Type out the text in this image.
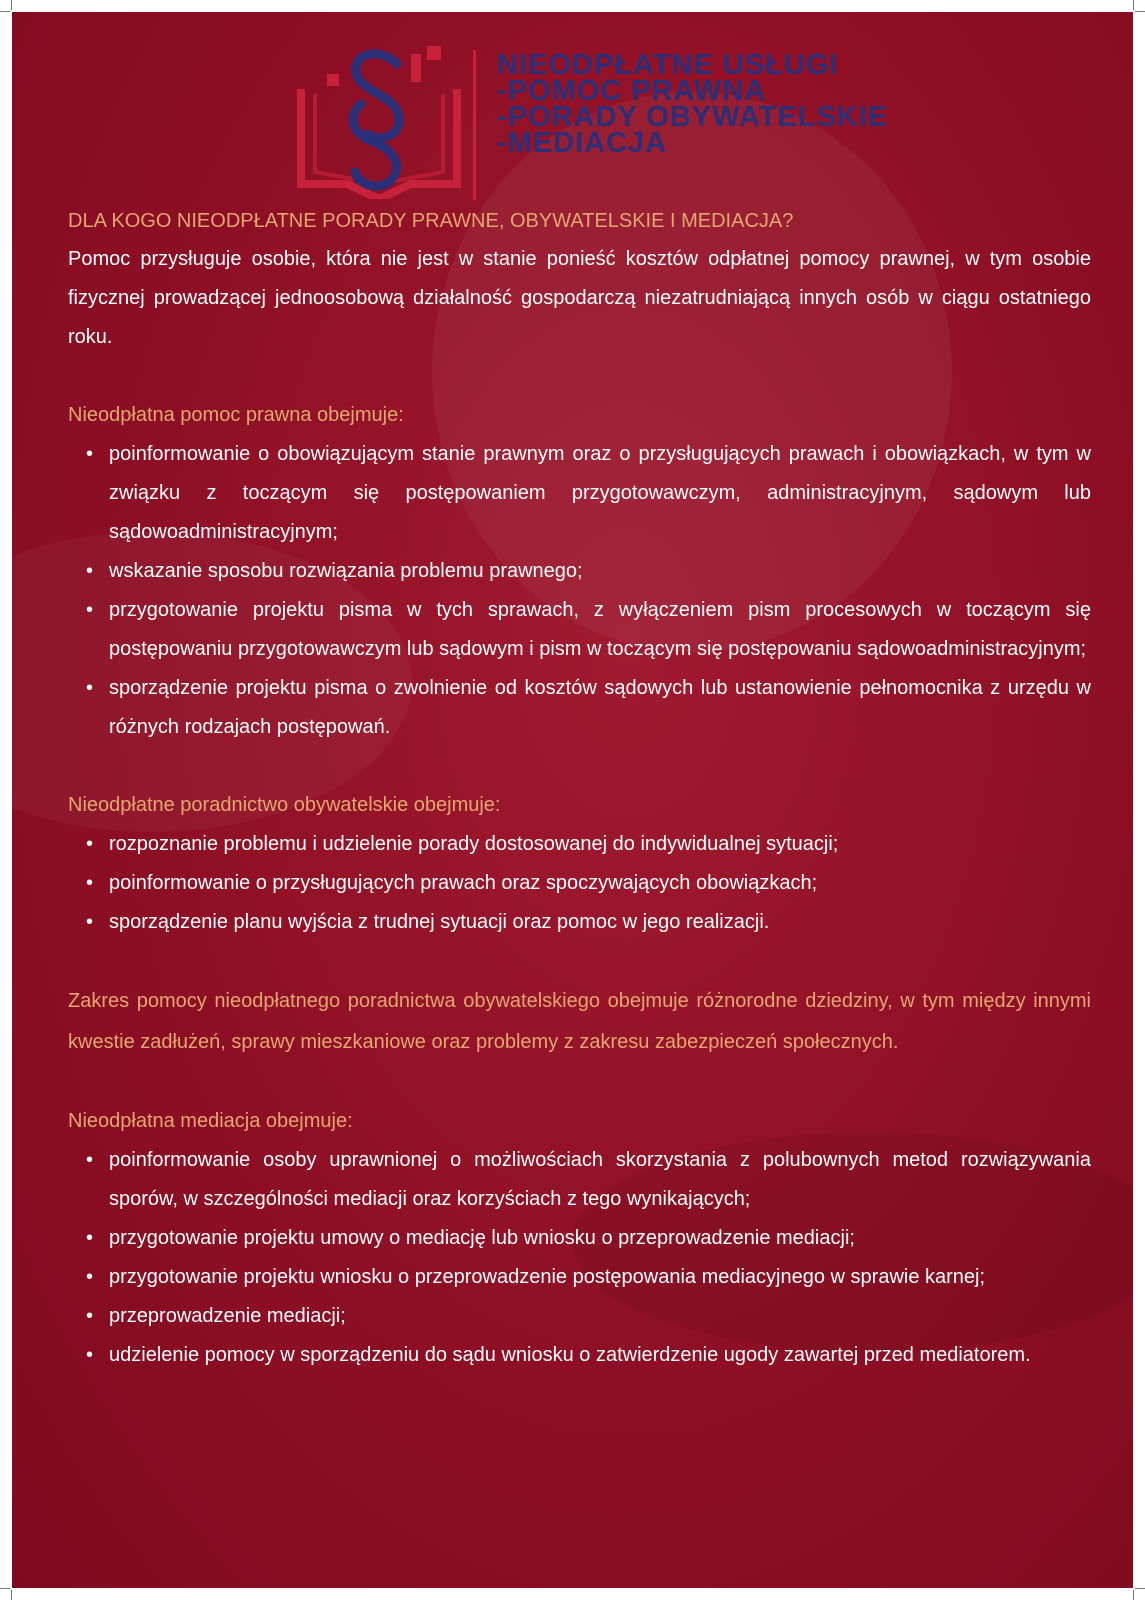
NIEODPŁATNE USŁUGI
-POMOC PRAWNA
-PORADY OBYWATELSKIE
-MEDIACJA
DLA KOGO NIEODPŁATNE PORADY PRAWNE, OBYWATELSKIE I MEDIACJA?
Pomoc przysługuje osobie, która nie jest w stanie ponieść kosztów odpłatnej pomocy prawnej, w tym osobie fizycznej prowadzącej jednoosobową działalność gospodarczą niezatrudniającą innych osób w ciągu ostatniego roku.
Nieodpłatna pomoc prawna obejmuje:
• poinformowanie o obowiązującym stanie prawnym oraz o przysługujących prawach i obowiązkach, w tym w związku z toczącym się postępowaniem przygotowawczym, administracyjnym, sądowym lub sądowoadministracyjnym;
• wskazanie sposobu rozwiązania problemu prawnego;
• przygotowanie projektu pisma w tych sprawach, z wyłączeniem pism procesowych w toczącym się postępowaniu przygotowawczym lub sądowym i pism w toczącym się postępowaniu sądowoadministracyjnym;
• sporządzenie projektu pisma o zwolnienie od kosztów sądowych lub ustanowienie pełnomocnika z urzędu w różnych rodzajach postępowań.
Nieodpłatne poradnictwo obywatelskie obejmuje:
• rozpoznanie problemu i udzielenie porady dostosowanej do indywidualnej sytuacji;
• poinformowanie o przysługujących prawach oraz spoczywających obowiązkach;
• sporządzenie planu wyjścia z trudnej sytuacji oraz pomoc w jego realizacji.
Zakres pomocy nieodpłatnego poradnictwa obywatelskiego obejmuje różnorodne dziedziny, w tym między innymi kwestie zadłużeń, sprawy mieszkaniowe oraz problemy z zakresu zabezpieczeń społecznych.
Nieodpłatna mediacja obejmuje:
• poinformowanie osoby uprawnionej o możliwościach skorzystania z polubownych metod rozwiązywania sporów, w szczególności mediacji oraz korzyściach z tego wynikających;
• przygotowanie projektu umowy o mediację lub wniosku o przeprowadzenie mediacji;
• przygotowanie projektu wniosku o przeprowadzenie postępowania mediacyjnego w sprawie karnej;
• przeprowadzenie mediacji;
• udzielenie pomocy w sporządzeniu do sądu wniosku o zatwierdzenie ugody zawartej przed mediatorem.
